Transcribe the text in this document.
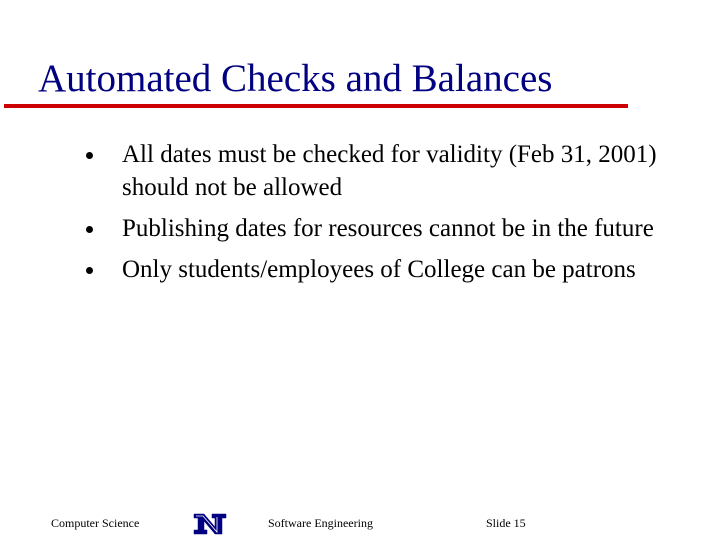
Automated Checks and Balances
All dates must be checked for validity (Feb 31, 2001) should not be allowed
Publishing dates for resources cannot be in the future
Only students/employees of College can be patrons
Computer Science	Software Engineering	Slide 15
